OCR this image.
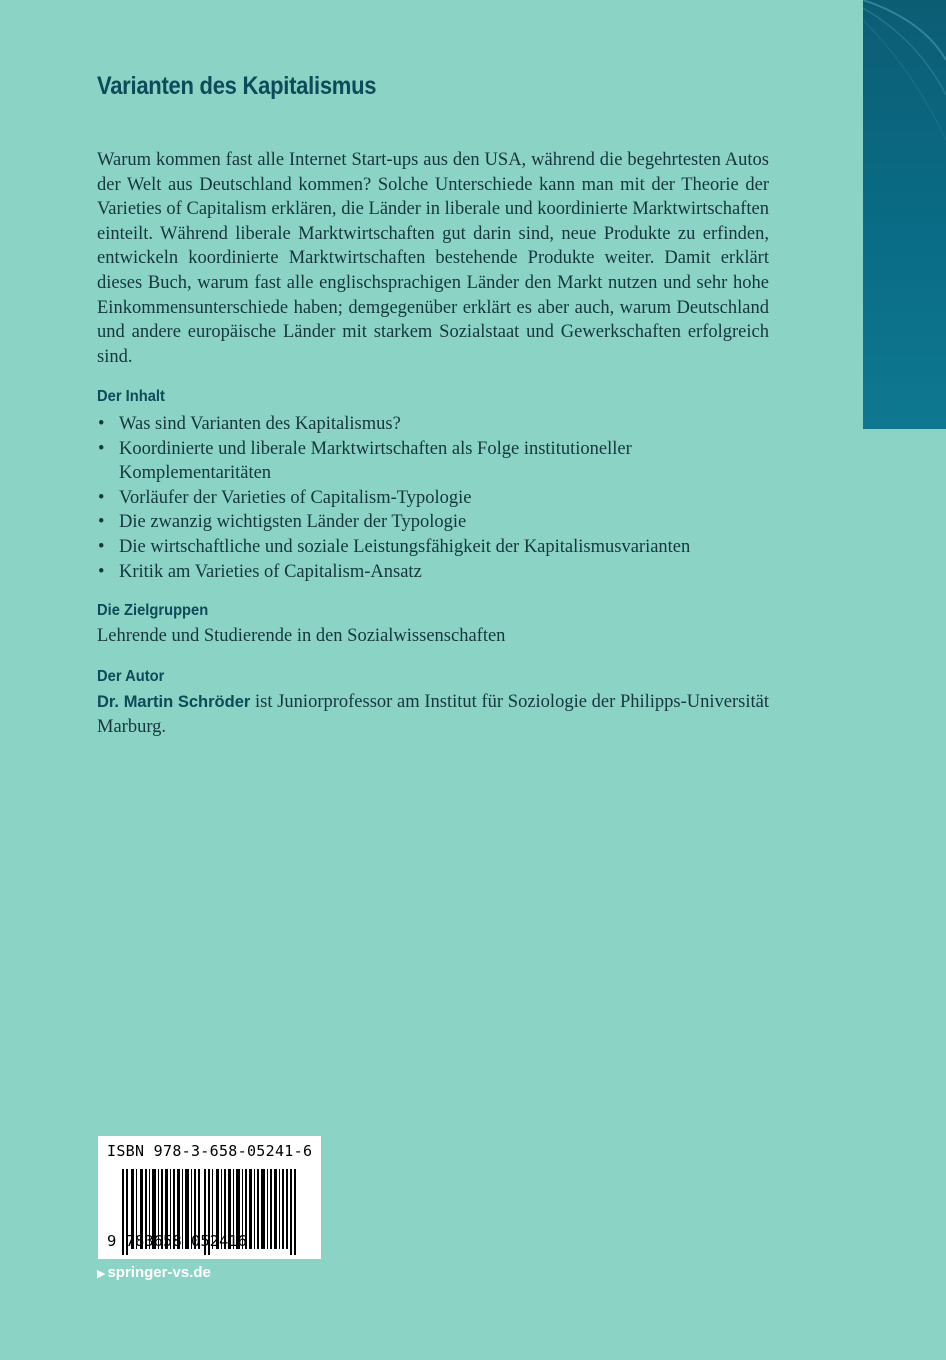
Varianten des Kapitalismus

Warum kommen fast alle Internet Start-ups aus den USA, während die begehrtesten Autos der Welt aus Deutschland kommen? Solche Unterschiede kann man mit der Theorie der Varieties of Capitalism erklären, die Länder in liberale und koordinierte Marktwirtschaften einteilt. Während liberale Marktwirtschaften gut darin sind, neue Produkte zu erfinden, entwickeln koordinierte Marktwirtschaften bestehende Produkte weiter. Damit erklärt dieses Buch, warum fast alle englischsprachigen Länder den Markt nutzen und sehr hohe Einkommensunterschiede haben; demgegenüber erklärt es aber auch, warum Deutschland und andere europäische Länder mit starkem Sozialstaat und Gewerkschaften erfolgreich sind.

Der Inhalt
• Was sind Varianten des Kapitalismus?
• Koordinierte und liberale Marktwirtschaften als Folge institutioneller Komplementaritäten
• Vorläufer der Varieties of Capitalism-Typologie
• Die zwanzig wichtigsten Länder der Typologie
• Die wirtschaftliche und soziale Leistungsfähigkeit der Kapitalismusvarianten
• Kritik am Varieties of Capitalism-Ansatz
Die Zielgruppen

Lehrende und Studierende in den Sozialwissenschaften

Der Autor

Dr. Martin Schröder ist Juniorprofessor am Institut für Soziologie der Philipps-Universität Marburg.

ISBN 978-3-658-05241-6
9 783658 052416
▶ springer-vs.de
